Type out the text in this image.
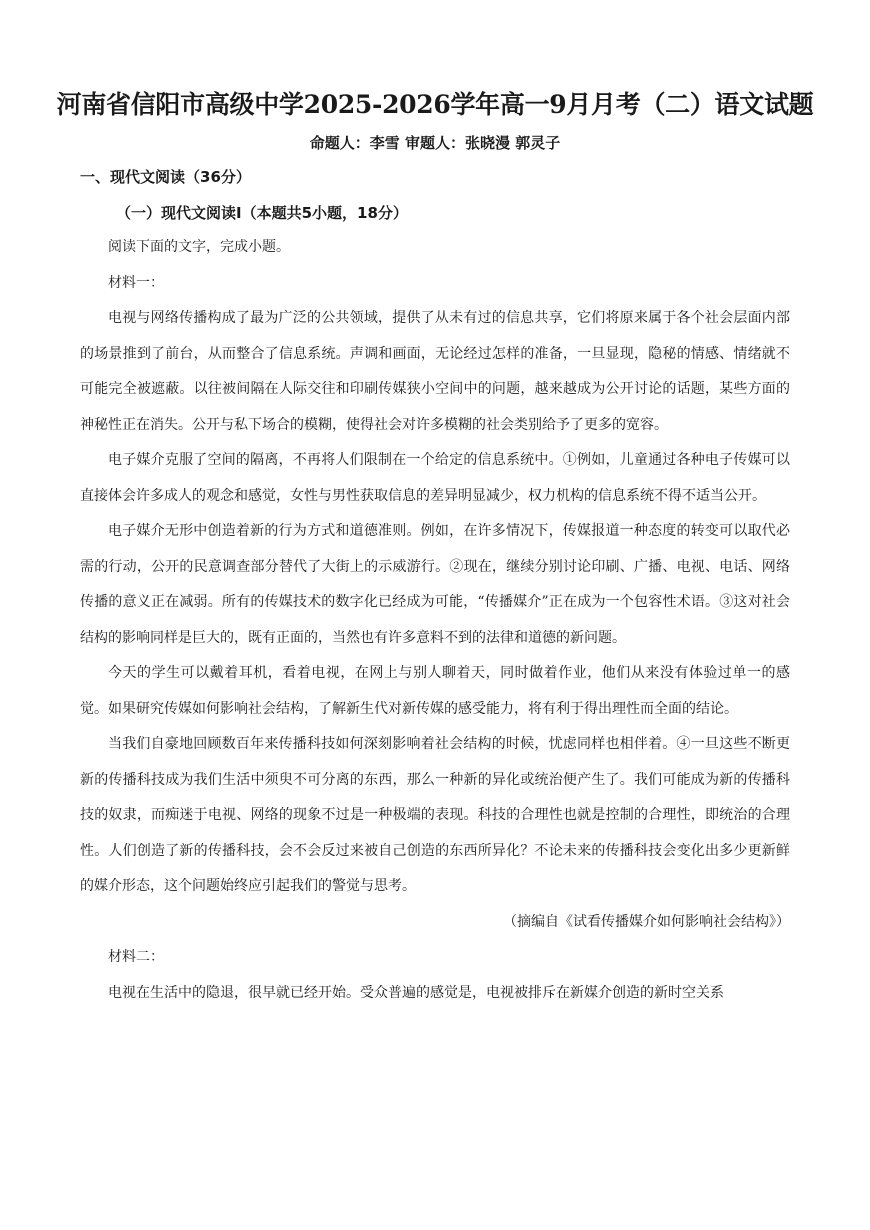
河南省信阳市高级中学2025-2026学年高一9月月考（二）语文试题
命题人：李雪 审题人：张晓漫 郭灵子
一、现代文阅读（36分）
（一）现代文阅读Ⅰ（本题共5小题，18分）

阅读下面的文字，完成小题。

材料一：

电视与网络传播构成了最为广泛的公共领域，提供了从未有过的信息共享，它们将原来属于各个社会层面内部的场景推到了前台，从而整合了信息系统。声调和画面，无论经过怎样的准备，一旦显现，隐秘的情感、情绪就不可能完全被遮蔽。以往被间隔在人际交往和印刷传媒狭小空间中的问题，越来越成为公开讨论的话题，某些方面的神秘性正在消失。公开与私下场合的模糊，使得社会对许多模糊的社会类别给予了更多的宽容。

电子媒介克服了空间的隔离，不再将人们限制在一个给定的信息系统中。①例如，儿童通过各种电子传媒可以直接体会许多成人的观念和感觉，女性与男性获取信息的差异明显减少，权力机构的信息系统不得不适当公开。

电子媒介无形中创造着新的行为方式和道德准则。例如，在许多情况下，传媒报道一种态度的转变可以取代必需的行动，公开的民意调查部分替代了大街上的示威游行。②现在，继续分别讨论印刷、广播、电视、电话、网络传播的意义正在减弱。所有的传媒技术的数字化已经成为可能，“传播媒介”正在成为一个包容性术语。③这对社会结构的影响同样是巨大的，既有正面的，当然也有许多意料不到的法律和道德的新问题。

今天的学生可以戴着耳机，看着电视，在网上与别人聊着天，同时做着作业，他们从来没有体验过单一的感觉。如果研究传媒如何影响社会结构，了解新生代对新传媒的感受能力，将有利于得出理性而全面的结论。

当我们自豪地回顾数百年来传播科技如何深刻影响着社会结构的时候，忧虑同样也相伴着。④一旦这些不断更新的传播科技成为我们生活中须臾不可分离的东西，那么一种新的异化或统治便产生了。我们可能成为新的传播科技的奴隶，而痴迷于电视、网络的现象不过是一种极端的表现。科技的合理性也就是控制的合理性，即统治的合理性。人们创造了新的传播科技，会不会反过来被自己创造的东西所异化？不论未来的传播科技会变化出多少更新鲜的媒介形态，这个问题始终应引起我们的警觉与思考。

（摘编自《试看传播媒介如何影响社会结构》）

材料二：

电视在生活中的隐退，很早就已经开始。受众普遍的感觉是，电视被排斥在新媒介创造的新时空关系
